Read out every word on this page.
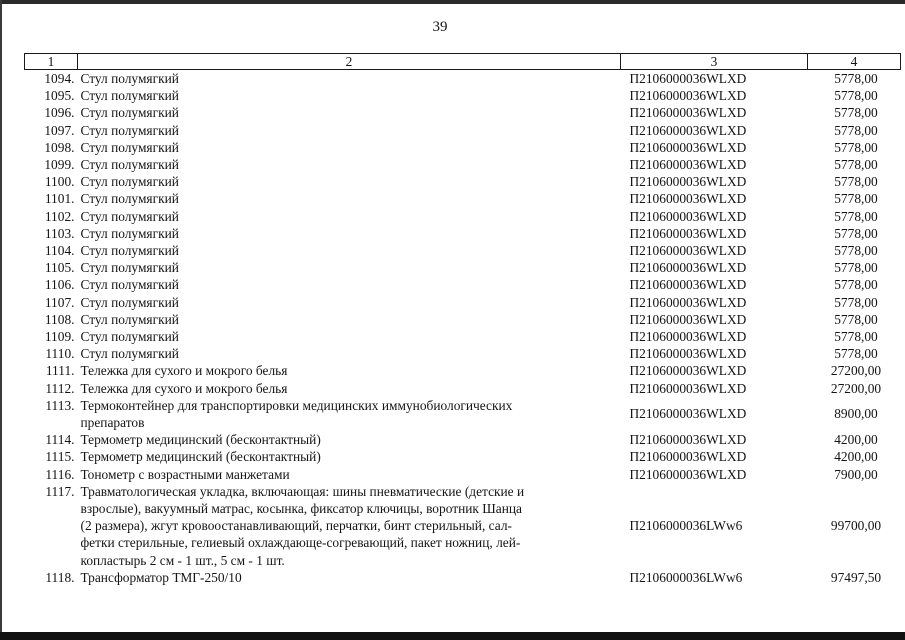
39
1	2	3	4
1094.	Стул полумягкий	П2106000036WLXD	5778,00
1095.	Стул полумягкий	П2106000036WLXD	5778,00
1096.	Стул полумягкий	П2106000036WLXD	5778,00
1097.	Стул полумягкий	П2106000036WLXD	5778,00
1098.	Стул полумягкий	П2106000036WLXD	5778,00
1099.	Стул полумягкий	П2106000036WLXD	5778,00
1100.	Стул полумягкий	П2106000036WLXD	5778,00
1101.	Стул полумягкий	П2106000036WLXD	5778,00
1102.	Стул полумягкий	П2106000036WLXD	5778,00
1103.	Стул полумягкий	П2106000036WLXD	5778,00
1104.	Стул полумягкий	П2106000036WLXD	5778,00
1105.	Стул полумягкий	П2106000036WLXD	5778,00
1106.	Стул полумягкий	П2106000036WLXD	5778,00
1107.	Стул полумягкий	П2106000036WLXD	5778,00
1108.	Стул полумягкий	П2106000036WLXD	5778,00
1109.	Стул полумягкий	П2106000036WLXD	5778,00
1110.	Стул полумягкий	П2106000036WLXD	5778,00
1111.	Тележка для сухого и мокрого белья	П2106000036WLXD	27200,00
1112.	Тележка для сухого и мокрого белья	П2106000036WLXD	27200,00
1113.	Термоконтейнер для транспортировки медицинских иммунобиологических
препаратов	П2106000036WLXD	8900,00
1114.	Термометр медицинский (бесконтактный)	П2106000036WLXD	4200,00
1115.	Термометр медицинский (бесконтактный)	П2106000036WLXD	4200,00
1116.	Тонометр с возрастными манжетами	П2106000036WLXD	7900,00
1117.	Травматологическая укладка, включающая: шины пневматические (детские и
взрослые), вакуумный матрас, косынка, фиксатор ключицы, воротник Шанца
(2 размера), жгут кровоостанавливающий, перчатки, бинт стерильный, сал-
фетки стерильные, гелиевый охлаждающе-согревающий, пакет ножниц, лей-
копластырь 2 см - 1 шт., 5 см - 1 шт.	П2106000036LWw6	99700,00
1118.	Трансформатор ТМГ-250/10	П2106000036LWw6	97497,50
